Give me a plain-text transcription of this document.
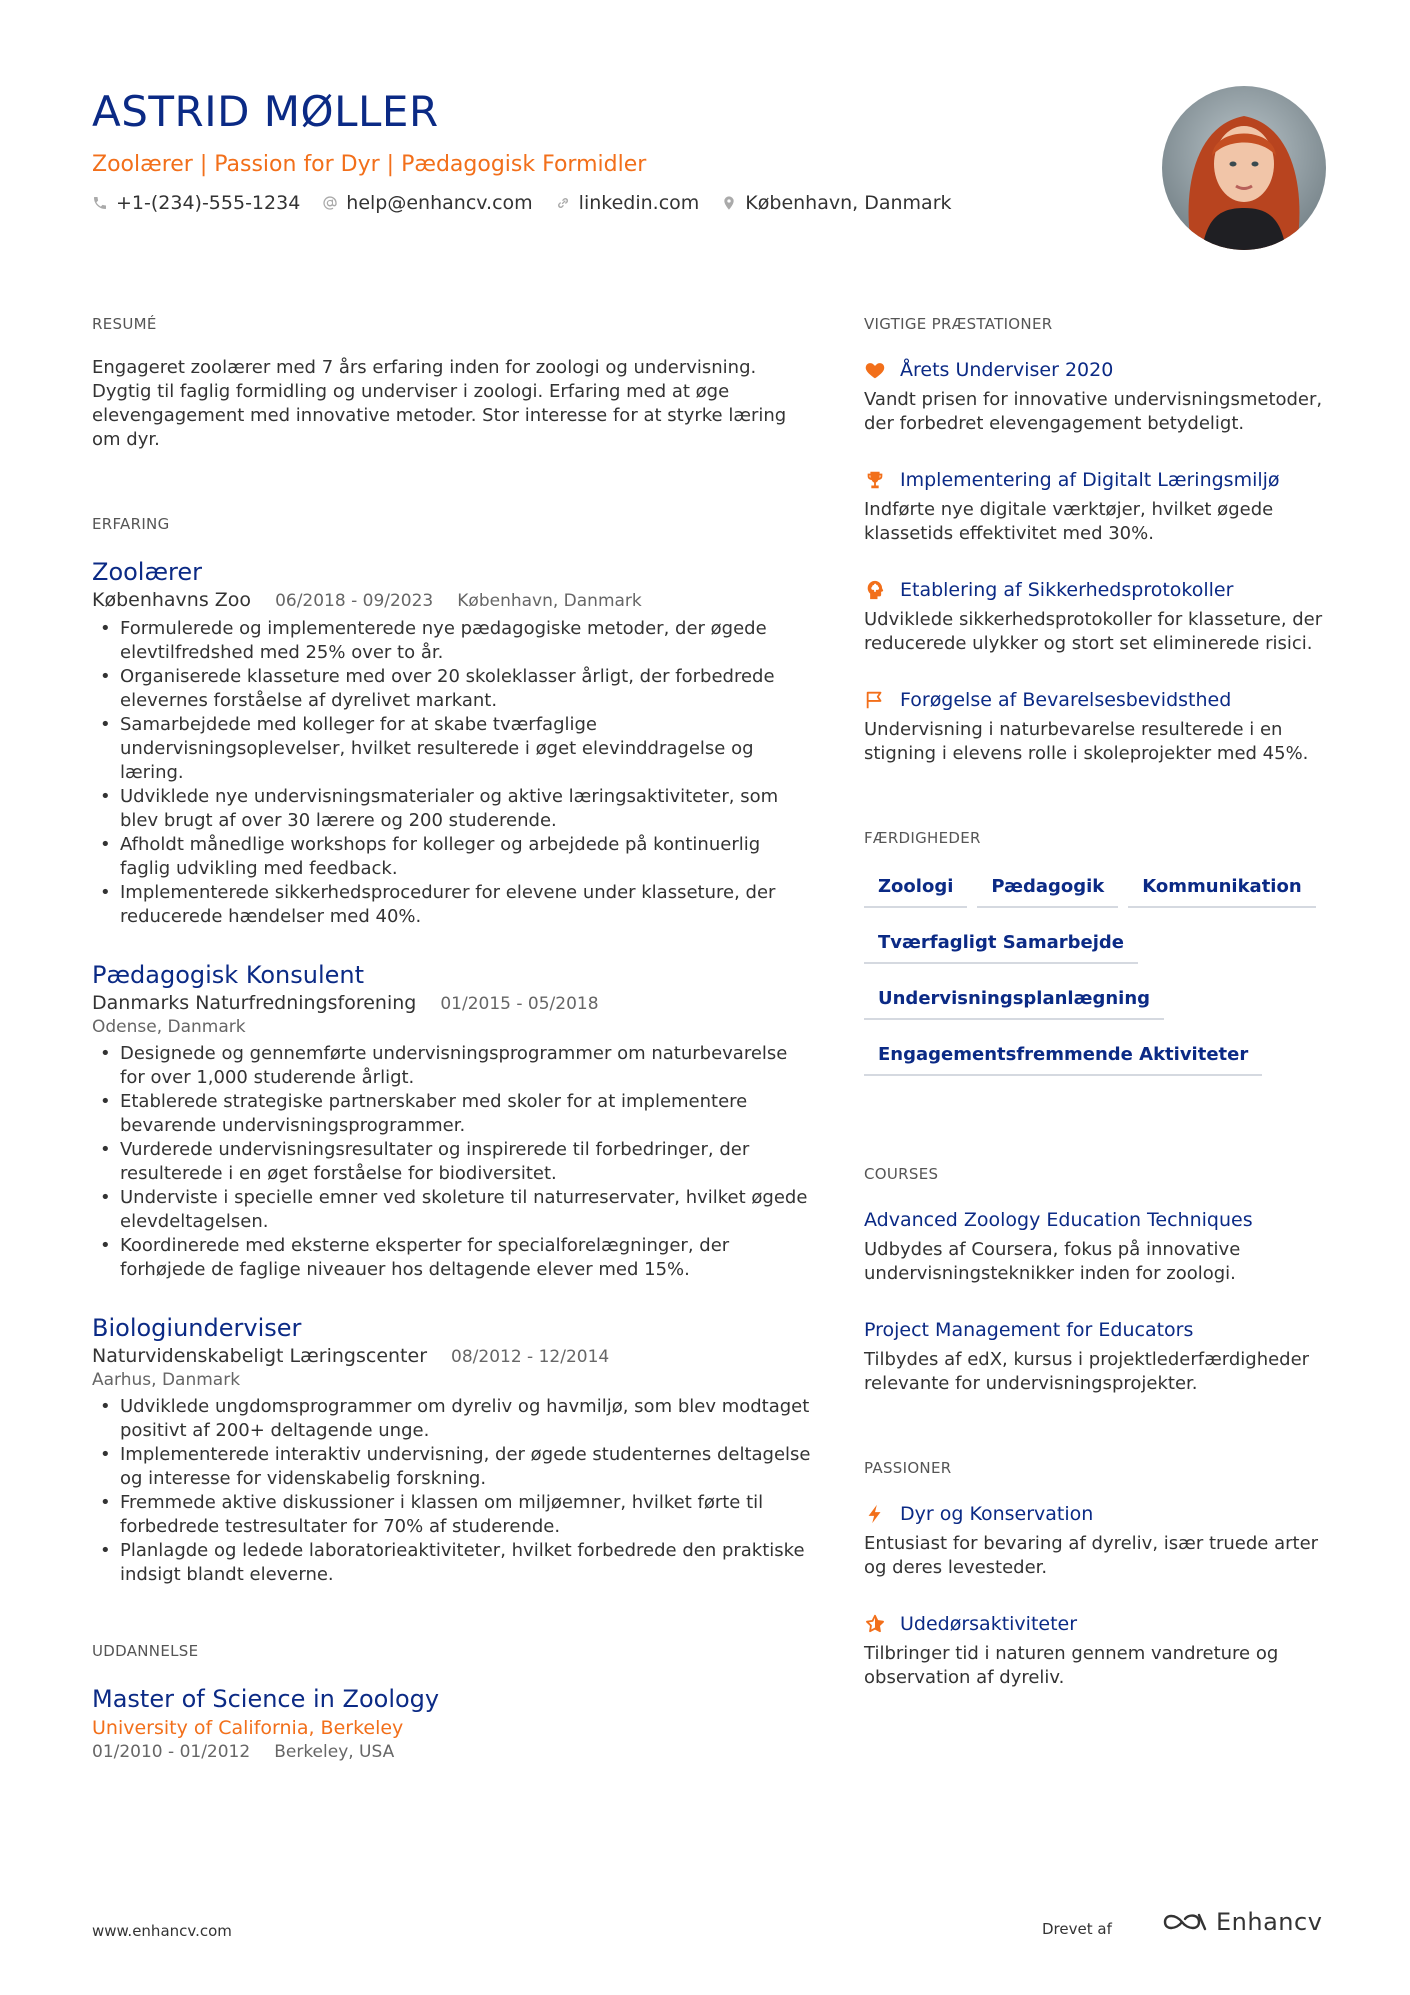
ASTRID MØLLER
Zoolærer | Passion for Dyr | Pædagogisk Formidler
+1-(234)-555-1234 help@enhancv.com linkedin.com København, Danmark
RESUMÉ
Engageret zoolærer med 7 års erfaring inden for zoologi og undervisning. Dygtig til faglig formidling og underviser i zoologi. Erfaring med at øge elevengagement med innovative metoder. Stor interesse for at styrke læring om dyr.
ERFARING
Zoolærer
Københavns Zoo 06/2018 - 09/2023 København, Danmark
• Formulerede og implementerede nye pædagogiske metoder, der øgede elevtilfredshed med 25% over to år.
• Organiserede klasseture med over 20 skoleklasser årligt, der forbedrede elevernes forståelse af dyrelivet markant.
• Samarbejdede med kolleger for at skabe tværfaglige undervisningsoplevelser, hvilket resulterede i øget elevinddragelse og læring.
• Udviklede nye undervisningsmaterialer og aktive læringsaktiviteter, som blev brugt af over 30 lærere og 200 studerende.
• Afholdt månedlige workshops for kolleger og arbejdede på kontinuerlig faglig udvikling med feedback.
• Implementerede sikkerhedsprocedurer for elevene under klasseture, der reducerede hændelser med 40%.
Pædagogisk Konsulent
Danmarks Naturfredningsforening 01/2015 - 05/2018
Odense, Danmark
• Designede og gennemførte undervisningsprogrammer om naturbevarelse for over 1,000 studerende årligt.
• Etablerede strategiske partnerskaber med skoler for at implementere bevarende undervisningsprogrammer.
• Vurderede undervisningsresultater og inspirerede til forbedringer, der resulterede i en øget forståelse for biodiversitet.
• Underviste i specielle emner ved skoleture til naturreservater, hvilket øgede elevdeltagelsen.
• Koordinerede med eksterne eksperter for specialforelægninger, der forhøjede de faglige niveauer hos deltagende elever med 15%.
Biologiunderviser
Naturvidenskabeligt Læringscenter 08/2012 - 12/2014
Aarhus, Danmark
• Udviklede ungdomsprogrammer om dyreliv og havmiljø, som blev modtaget positivt af 200+ deltagende unge.
• Implementerede interaktiv undervisning, der øgede studenternes deltagelse og interesse for videnskabelig forskning.
• Fremmede aktive diskussioner i klassen om miljøemner, hvilket førte til forbedrede testresultater for 70% af studerende.
• Planlagde og ledede laboratorieaktiviteter, hvilket forbedrede den praktiske indsigt blandt eleverne.
UDDANNELSE
Master of Science in Zoology
University of California, Berkeley
01/2010 - 01/2012 Berkeley, USA
VIGTIGE PRÆSTATIONER
Årets Underviser 2020
Vandt prisen for innovative undervisningsmetoder, der forbedret elevengagement betydeligt.
Implementering af Digitalt Læringsmiljø
Indførte nye digitale værktøjer, hvilket øgede klassetids effektivitet med 30%.
Etablering af Sikkerhedsprotokoller
Udviklede sikkerhedsprotokoller for klasseture, der reducerede ulykker og stort set eliminerede risici.
Forøgelse af Bevarelsesbevidsthed
Undervisning i naturbevarelse resulterede i en stigning i elevens rolle i skoleprojekter med 45%.
FÆRDIGHEDER
Zoologi	Pædagogik	Kommunikation
Tværfagligt Samarbejde
Undervisningsplanlægning
Engagementsfremmende Aktiviteter
COURSES
Advanced Zoology Education Techniques
Udbydes af Coursera, fokus på innovative undervisningsteknikker inden for zoologi.
Project Management for Educators
Tilbydes af edX, kursus i projektlederfærdigheder relevante for undervisningsprojekter.
PASSIONER
Dyr og Konservation
Entusiast for bevaring af dyreliv, især truede arter og deres levesteder.
Udedørsaktiviteter
Tilbringer tid i naturen gennem vandreture og observation af dyreliv.
www.enhancv.com	Drevet af	Enhancv
